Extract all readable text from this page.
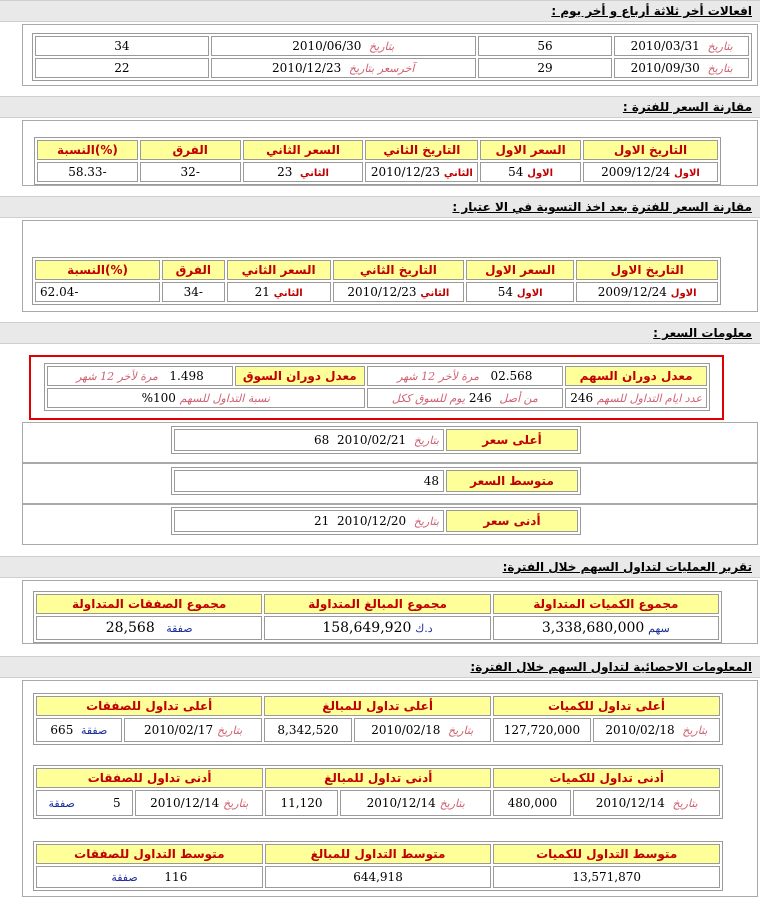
افعالات أخر ثلاثة أرباع و أخر يوم :
بتاريخ  2010/03/31	56	بتاريخ  2010/06/30	34
بتاريخ  2010/09/30	29	آخرسعر بتاريخ  2010/12/23	22
مقارنة السعر للفترة :
التاريخ الاول	السعر الاول	التاريخ الثاني	السعر الثاني	الفرق	(%)النسبة
الاول 2009/12/24	الاول 54	الثاني 2010/12/23	الثاني  23	-32	-58.33
مقارنة السعر للفترة بعد اخذ التسوية في الا عتبار :
التاريخ الاول	السعر الاول	التاريخ الثاني	السعر الثاني	الفرق	(%)النسبة
الاول 2009/12/24	الاول 54	الثاني 2010/12/23	الثاني 21	-34	-62.04
معلومات السعر :
معدل دوران السهم	02.568   مرة لأخر 12 شهر	معدل دوران السوق	1.498   مرة لأخر 12 شهر
عدد ايام التداول للسهم 246	من أصل  246 يوم للسوق ككل	نسبة التداول للسهم 100%	
أعلى سعر	بتاريخ  2010/02/21  68
متوسط السعر	48
أدنى سعر	بتاريخ  2010/12/20  21
تقرير العمليات لتداول السهم خلال الفترة:
مجموع الكميات المتداولة	مجموع المبالغ المتداولة	مجموع الصفقات المتداولة
سهم 3,338,680,000	د.ك 158,649,920	صفقة   28,568
المعلومات الاحصائية لتداول السهم خلال الفترة:
أعلى تداول للكميات		أعلى تداول للمبالغ		أعلى تداول للصفقات	
بتاريخ  2010/02/18	127,720,000	بتاريخ  2010/02/18	8,342,520	بتاريخ 2010/02/17	صفقة  665
أدنى تداول للكميات		أدنى تداول للمبالغ		أدنى تداول للصفقات	
بتاريخ  2010/12/14	480,000	بتاريخ 2010/12/14	11,120	بتاريخ 2010/12/14	5          صفقة
متوسط التداول للكميات	متوسط التداول للمبالغ	متوسط التداول للصفقات
13,571,870	644,918	116       صفقة
